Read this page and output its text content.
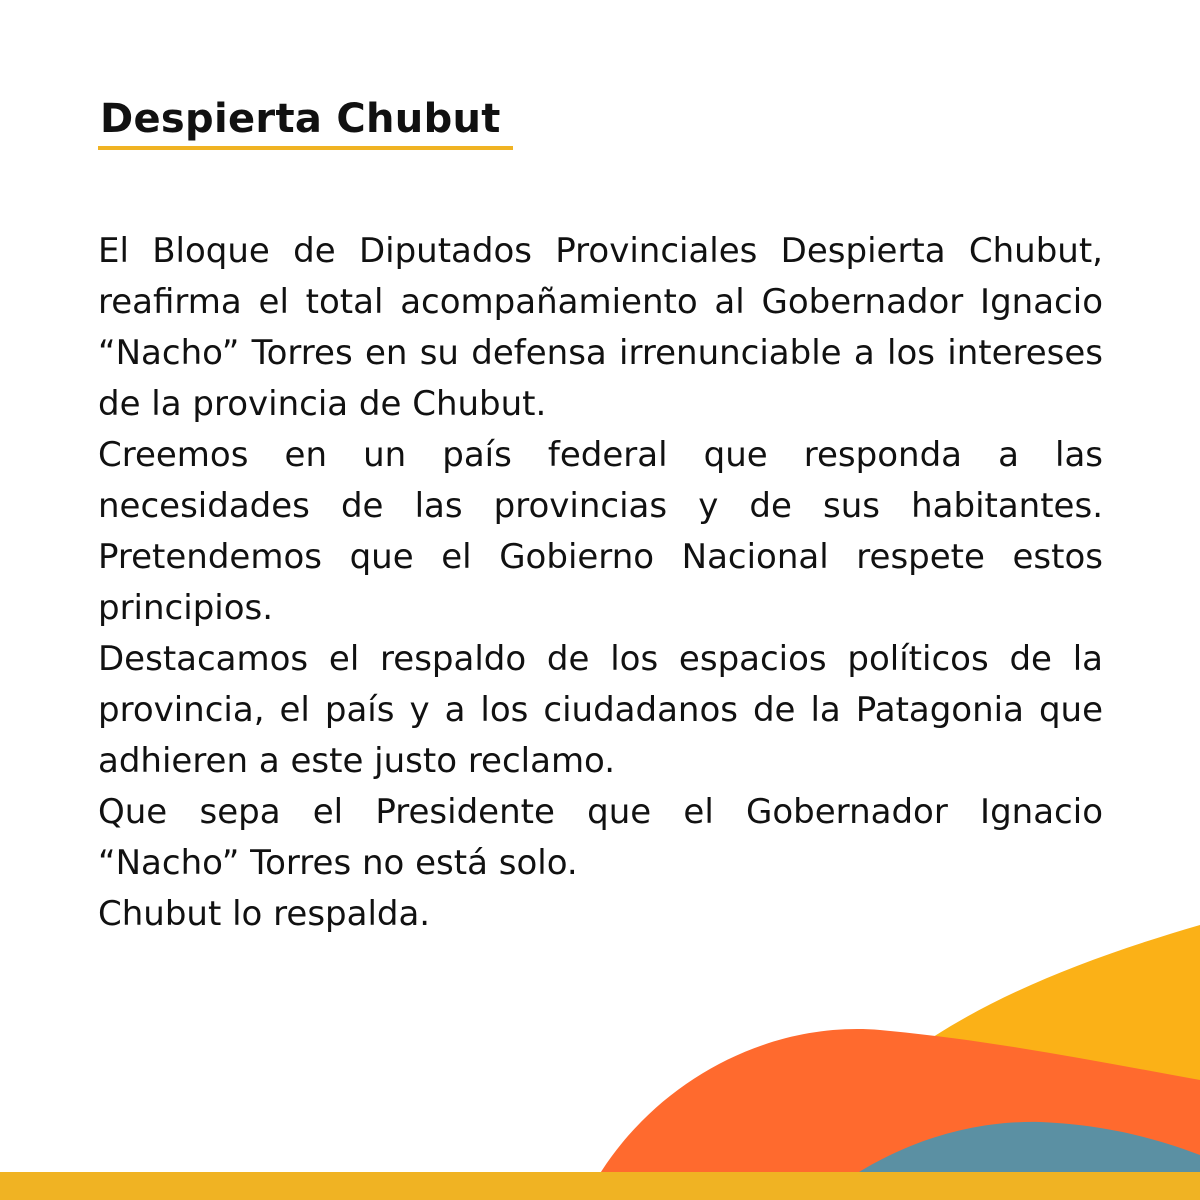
Despierta Chubut

El Bloque de Diputados Provinciales Despierta Chubut, reafirma el total acompañamiento al Gobernador Ignacio “Nacho” Torres en su defensa irrenunciable a los intereses de la provincia de Chubut.

Creemos en un país federal que responda a las necesidades de las provincias y de sus habitantes. Pretendemos que el Gobierno Nacional respete estos principios.

Destacamos el respaldo de los espacios políticos de la provincia, el país y a los ciudadanos de la Patagonia que adhieren a este justo reclamo.

Que sepa el Presidente que el Gobernador Ignacio “Nacho” Torres no está solo.

Chubut lo respalda.
